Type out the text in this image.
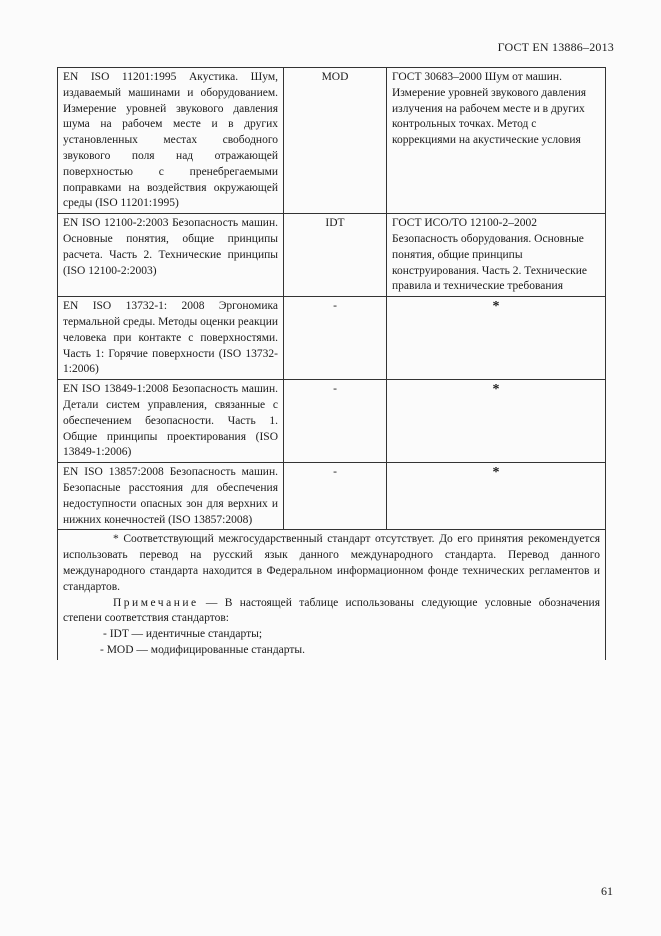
ГОСТ EN 13886–2013
EN ISO 11201:1995 Акустика. Шум, издаваемый машинами и оборудованием. Измерение уровней звукового давления шума на рабочем месте и в других установленных местах свободного звукового поля над отражающей поверхностью с пренебрегаемыми поправками на воздействия окружающей среды (ISO 11201:1995)	MOD	ГОСТ 30683–2000 Шум от машин. Измерение уровней звукового давления излучения на рабочем месте и в других контрольных точках. Метод с коррекциями на акустические условия
EN ISO 12100-2:2003 Безопасность машин. Основные понятия, общие принципы расчета. Часть 2. Технические принципы (ISO 12100-2:2003)	IDT	ГОСТ ИСО/ТО 12100-2–2002 Безопасность оборудования. Основные понятия, общие принципы конструирования. Часть 2. Технические правила и технические требования
EN ISO 13732-1: 2008 Эргономика термальной среды. Методы оценки реакции человека при контакте с поверхностями. Часть 1: Горячие поверхности (ISO 13732-1:2006)	-	*
EN ISO 13849-1:2008 Безопасность машин. Детали систем управления, связанные с обеспечением безопасности. Часть 1. Общие принципы проектирования (ISO 13849-1:2006)	-	*
EN ISO 13857:2008 Безопасность машин. Безопасные расстояния для обеспечения недоступности опасных зон для верхних и нижних конечностей (ISO 13857:2008)	-	*

* Соответствующий межгосударственный стандарт отсутствует. До его принятия рекомендуется использовать перевод на русский язык данного международного стандарта. Перевод данного международного стандарта находится в Федеральном информационном фонде технических регламентов и стандартов.

Примечание — В настоящей таблице использованы следующие условные обозначения степени соответствия стандартов:

- IDT — идентичные стандарты;
- MOD –– модифицированные стандарты.		
61
